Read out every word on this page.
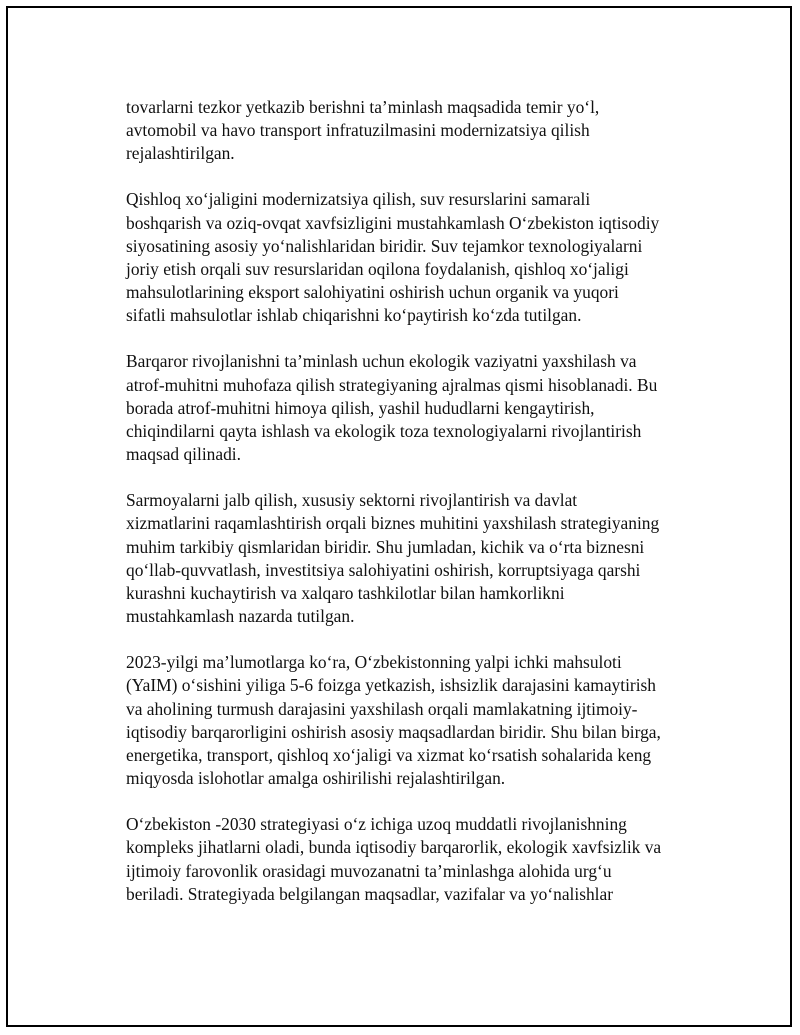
tovarlarni tezkor yetkazib berishni ta’minlash maqsadida temir yo‘l,
avtomobil va havo transport infratuzilmasini modernizatsiya qilish
rejalashtirilgan.

Qishloq xo‘jaligini modernizatsiya qilish, suv resurslarini samarali
boshqarish va oziq-ovqat xavfsizligini mustahkamlash O‘zbekiston iqtisodiy
siyosatining asosiy yo‘nalishlaridan biridir. Suv tejamkor texnologiyalarni
joriy etish orqali suv resurslaridan oqilona foydalanish, qishloq xo‘jaligi
mahsulotlarining eksport salohiyatini oshirish uchun organik va yuqori
sifatli mahsulotlar ishlab chiqarishni ko‘paytirish ko‘zda tutilgan.

Barqaror rivojlanishni ta’minlash uchun ekologik vaziyatni yaxshilash va
atrof-muhitni muhofaza qilish strategiyaning ajralmas qismi hisoblanadi. Bu
borada atrof-muhitni himoya qilish, yashil hududlarni kengaytirish,
chiqindilarni qayta ishlash va ekologik toza texnologiyalarni rivojlantirish
maqsad qilinadi.

Sarmoyalarni jalb qilish, xususiy sektorni rivojlantirish va davlat
xizmatlarini raqamlashtirish orqali biznes muhitini yaxshilash strategiyaning
muhim tarkibiy qismlaridan biridir. Shu jumladan, kichik va o‘rta biznesni
qo‘llab-quvvatlash, investitsiya salohiyatini oshirish, korruptsiyaga qarshi
kurashni kuchaytirish va xalqaro tashkilotlar bilan hamkorlikni
mustahkamlash nazarda tutilgan.

2023-yilgi ma’lumotlarga ko‘ra, O‘zbekistonning yalpi ichki mahsuloti
(YaIM) o‘sishini yiliga 5-6 foizga yetkazish, ishsizlik darajasini kamaytirish
va aholining turmush darajasini yaxshilash orqali mamlakatning ijtimoiy-
iqtisodiy barqarorligini oshirish asosiy maqsadlardan biridir. Shu bilan birga,
energetika, transport, qishloq xo‘jaligi va xizmat ko‘rsatish sohalarida keng
miqyosda islohotlar amalga oshirilishi rejalashtirilgan.

O‘zbekiston -2030 strategiyasi o‘z ichiga uzoq muddatli rivojlanishning
kompleks jihatlarni oladi, bunda iqtisodiy barqarorlik, ekologik xavfsizlik va
ijtimoiy farovonlik orasidagi muvozanatni ta’minlashga alohida urg‘u
beriladi. Strategiyada belgilangan maqsadlar, vazifalar va yo‘nalishlar
